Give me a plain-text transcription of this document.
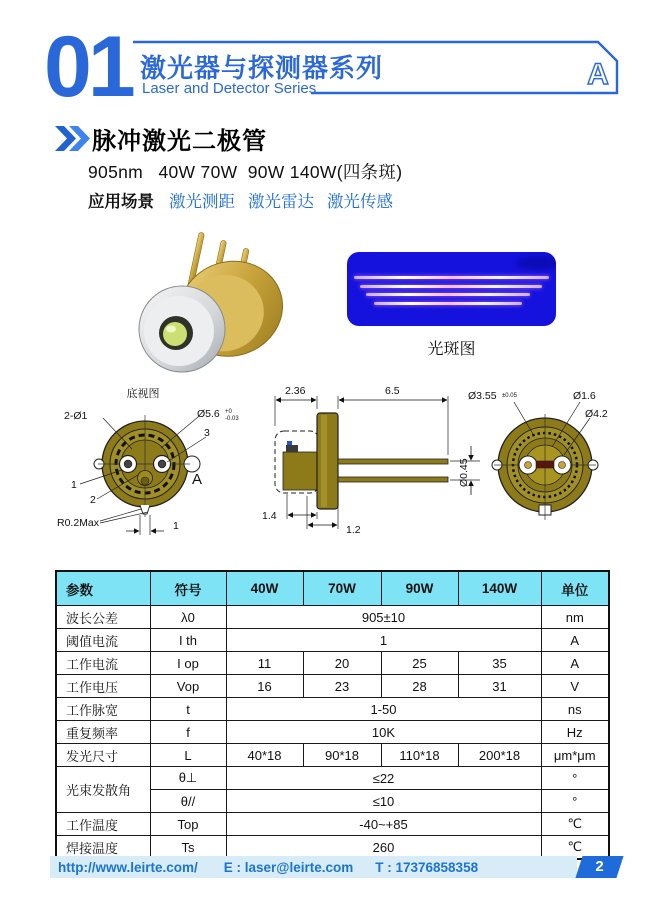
01	A
激光器与探测器系列
Laser and Detector Series
脉冲激光二极管
905nm   40W 70W  90W 140W(四条斑)
应用场景 激光测距 激光雷达 激光传感
光斑图
底视图
2-Ø1	Ø5.6 +0
-0.03
3
A
1
2
R0.2Max	1
2.36	6.5
1.4
1.2
Ø0.45
Ø3.55 ±0.05	Ø1.6
Ø4.2
参数	符号	40W	70W	90W	140W	单位
波长公差	λ0	905±10				nm
阈值电流	I th	1				A
工作电流	I op	11	20	25	35	A
工作电压	Vop	16	23	28	31	V
工作脉宽	t	1-50				ns
重复频率	f	10K				Hz
发光尺寸	L	40*18	90*18	110*18	200*18	μm*μm
光束发散角	θ⊥	≤22				°
	θ//	≤10				°
工作温度	Top	-40~+85				℃
焊接温度	Ts	260				℃
http://www.leirte.com/ E : laser@leirte.com T : 17376858358	2
